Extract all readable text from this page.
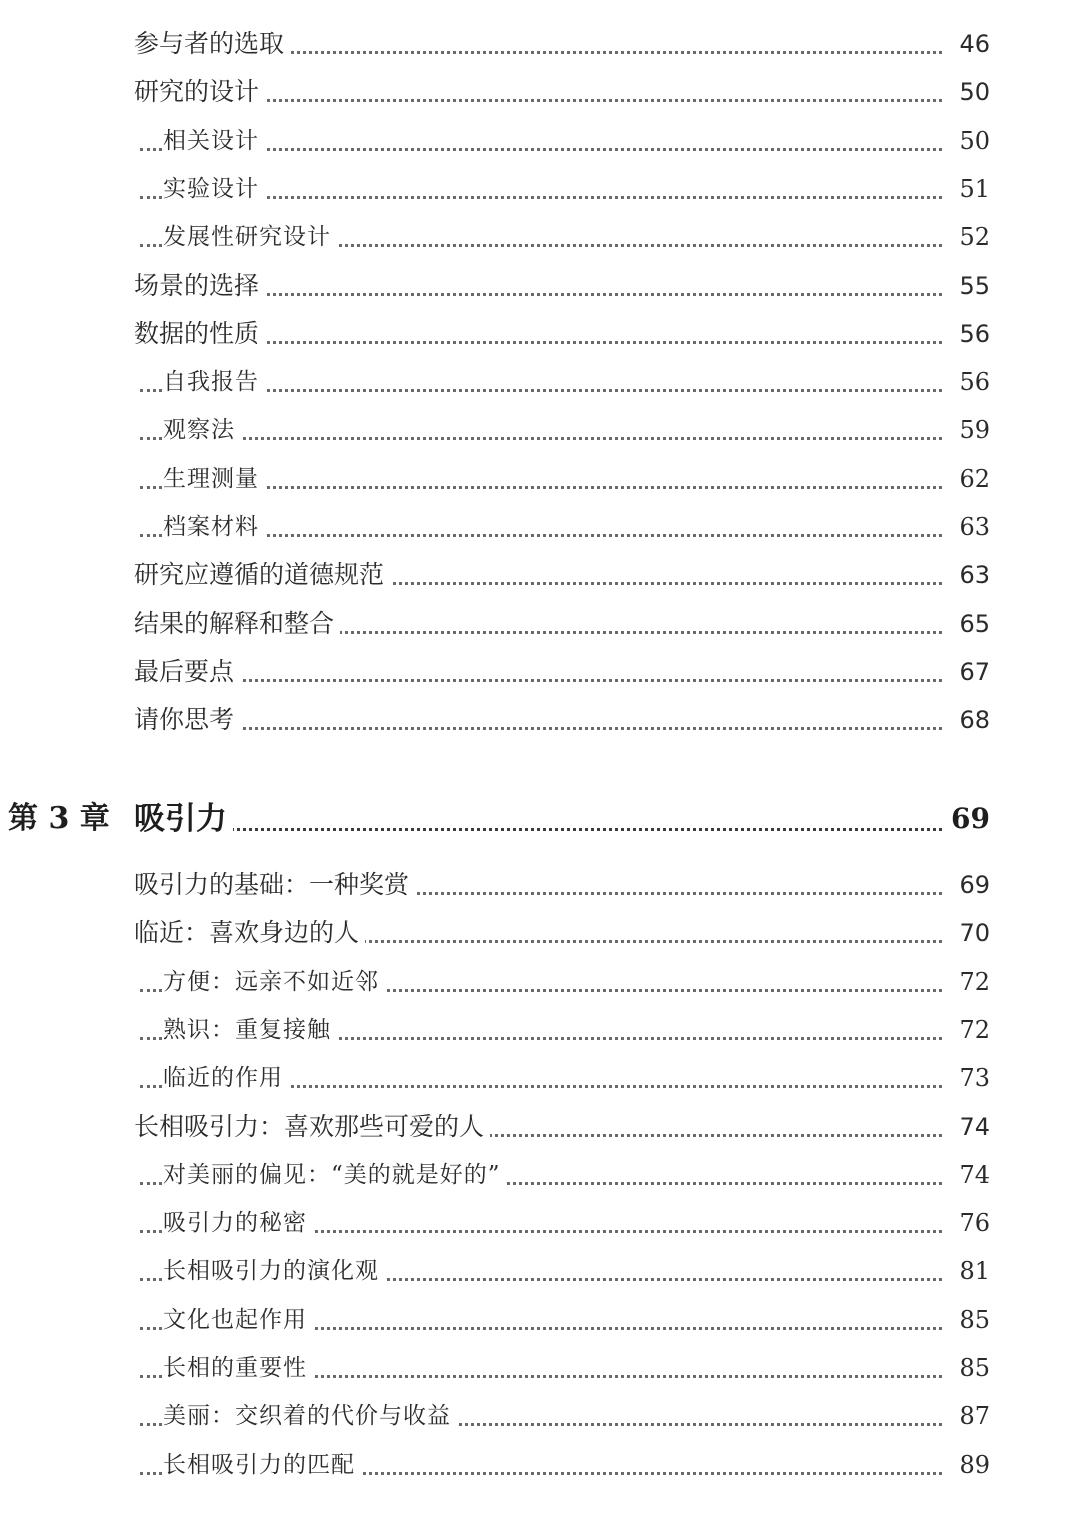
参与者的选取	46
研究的设计	50
相关设计	50
实验设计	51
发展性研究设计	52
场景的选择	55
数据的性质	56
自我报告	56
观察法	59
生理测量	62
档案材料	63
研究应遵循的道德规范	63
结果的解释和整合	65
最后要点	67
请你思考	68
第 3 章 吸引力	69
吸引力的基础：一种奖赏	69
临近：喜欢身边的人	70
方便：远亲不如近邻	72
熟识：重复接触	72
临近的作用	73
长相吸引力：喜欢那些可爱的人	74
对美丽的偏见：“美的就是好的”	74
吸引力的秘密	76
长相吸引力的演化观	81
文化也起作用	85
长相的重要性	85
美丽：交织着的代价与收益	87
长相吸引力的匹配	89
